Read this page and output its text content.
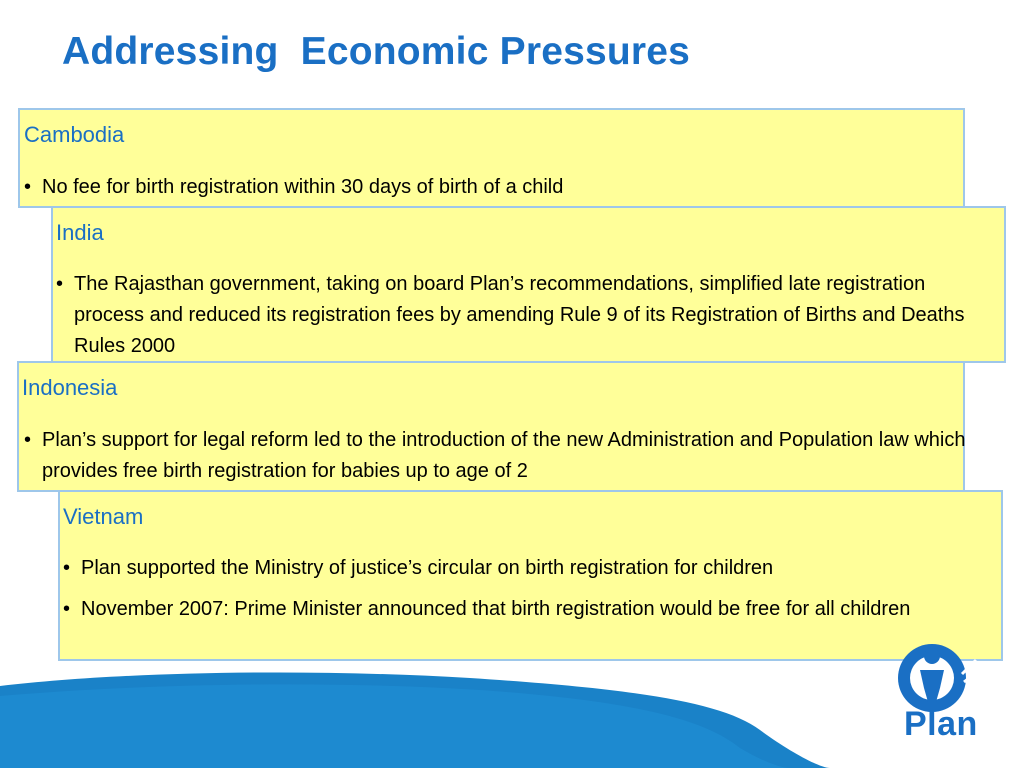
Addressing  Economic Pressures
Cambodia
• No fee for birth registration within 30 days of birth of a child
India
• The Rajasthan government, taking on board Plan’s recommendations, simplified late registration process and reduced its registration fees by amending Rule 9 of its Registration of Births and Deaths Rules 2000
Indonesia
• Plan’s support for legal reform led to the introduction of the new Administration and Population law which provides free birth registration for babies up to age of 2
Vietnam
• Plan supported the Ministry of justice’s circular on birth registration for children
• November 2007: Prime Minister announced that birth registration would be free for all children
Plan
